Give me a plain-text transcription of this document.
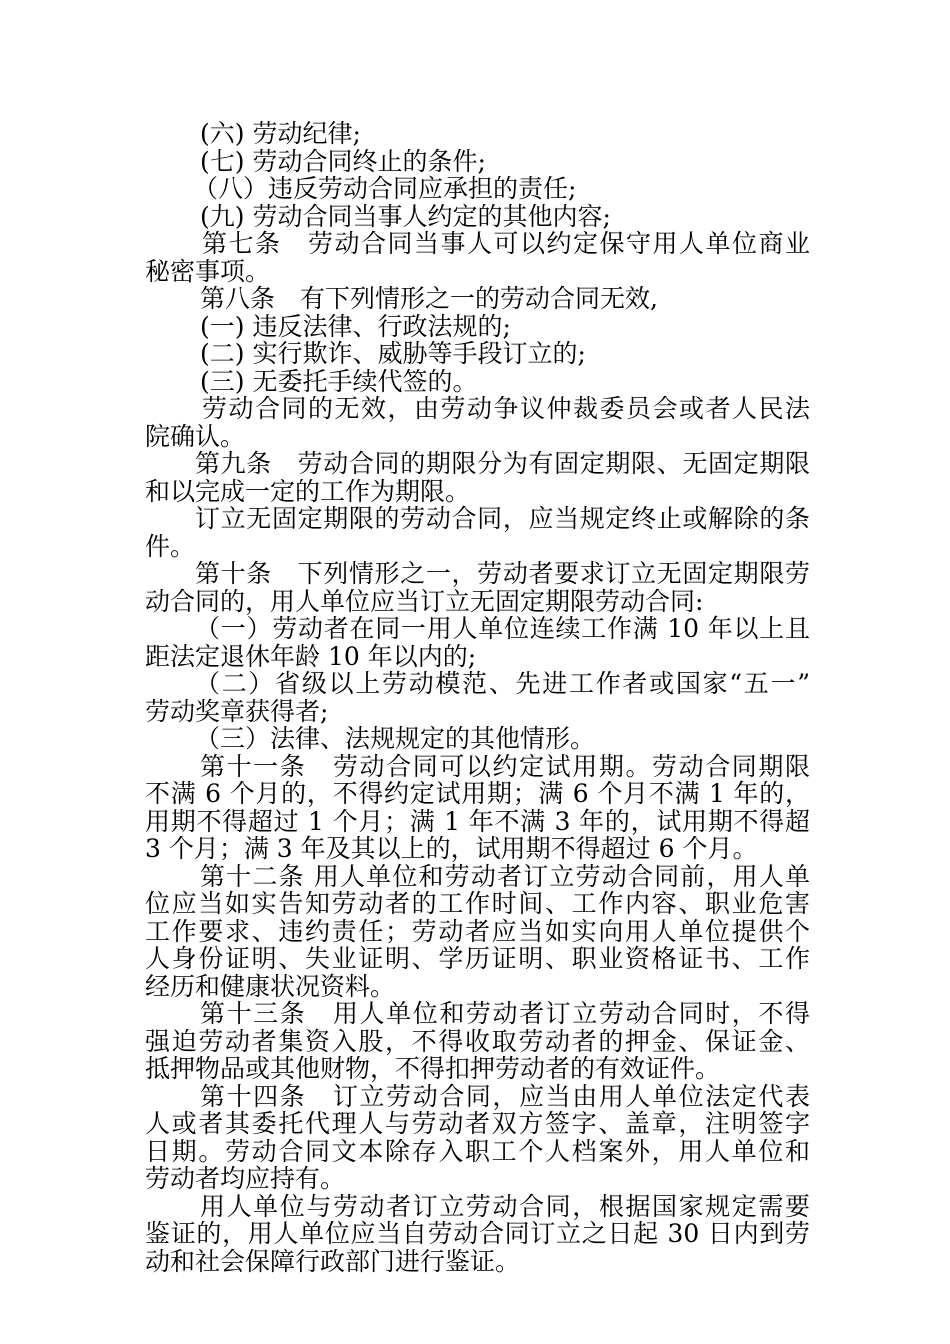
(六) 劳动纪律;
(七) 劳动合同终止的条件;
（八）违反劳动合同应承担的责任;
(九) 劳动合同当事人约定的其他内容;
第七条　劳动合同当事人可以约定保守用人单位商业
秘密事项。
第八条　有下列情形之一的劳动合同无效,
(一) 违反法律、行政法规的;
(二) 实行欺诈、威胁等手段订立的;
(三) 无委托手续代签的。
劳动合同的无效，由劳动争议仲裁委员会或者人民法
院确认。
第九条　劳动合同的期限分为有固定期限、无固定期限
和以完成一定的工作为期限。
订立无固定期限的劳动合同，应当规定终止或解除的条
件。
第十条　下列情形之一，劳动者要求订立无固定期限劳
动合同的，用人单位应当订立无固定期限劳动合同:
（一）劳动者在同一用人单位连续工作满 10 年以上且
距法定退休年龄 10 年以内的;
（二）省级以上劳动模范、先进工作者或国家“五一”
劳动奖章获得者;
（三）法律、法规规定的其他情形。
第十一条　劳动合同可以约定试用期。劳动合同期限
不满 6 个月的，不得约定试用期；满 6 个月不满 1 年的，
用期不得超过 1 个月；满 1 年不满 3 年的，试用期不得超
3 个月；满 3 年及其以上的，试用期不得超过 6 个月。
第十二条 用人单位和劳动者订立劳动合同前，用人单
位应当如实告知劳动者的工作时间、工作内容、职业危害
工作要求、违约责任；劳动者应当如实向用人单位提供个
人身份证明、失业证明、学历证明、职业资格证书、工作
经历和健康状况资料。
第十三条　用人单位和劳动者订立劳动合同时，不得
强迫劳动者集资入股，不得收取劳动者的押金、保证金、
抵押物品或其他财物，不得扣押劳动者的有效证件。
第十四条　订立劳动合同，应当由用人单位法定代表
人或者其委托代理人与劳动者双方签字、盖章，注明签字
日期。劳动合同文本除存入职工个人档案外，用人单位和
劳动者均应持有。
用人单位与劳动者订立劳动合同，根据国家规定需要
鉴证的，用人单位应当自劳动合同订立之日起 30 日内到劳
动和社会保障行政部门进行鉴证。
